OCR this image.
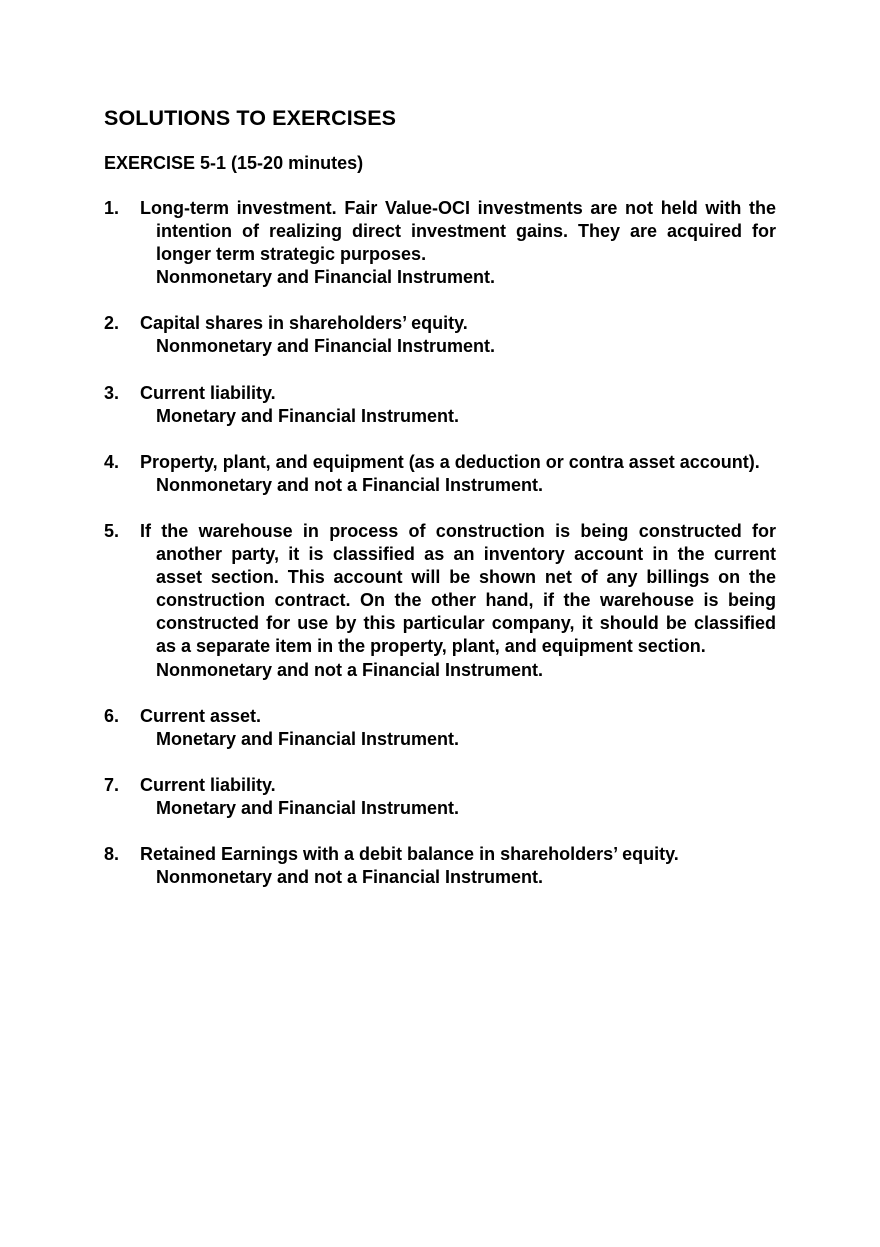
SOLUTIONS TO EXERCISES
EXERCISE 5-1 (15-20 minutes)
1. Long-term investment. Fair Value-OCI investments are not held with the intention of realizing direct investment gains. They are acquired for longer term strategic purposes.
Nonmonetary and Financial Instrument.
2. Capital shares in shareholders’ equity.
Nonmonetary and Financial Instrument.
3. Current liability.
Monetary and Financial Instrument.
4. Property, plant, and equipment (as a deduction or contra asset account).
Nonmonetary and not a Financial Instrument.
5. If the warehouse in process of construction is being constructed for another party, it is classified as an inventory account in the current asset section. This account will be shown net of any billings on the construction contract. On the other hand, if the warehouse is being constructed for use by this particular company, it should be classified as a separate item in the property, plant, and equipment section.
Nonmonetary and not a Financial Instrument.
6. Current asset.
Monetary and Financial Instrument.
7. Current liability.
Monetary and Financial Instrument.
8. Retained Earnings with a debit balance in shareholders’ equity.
Nonmonetary and not a Financial Instrument.
